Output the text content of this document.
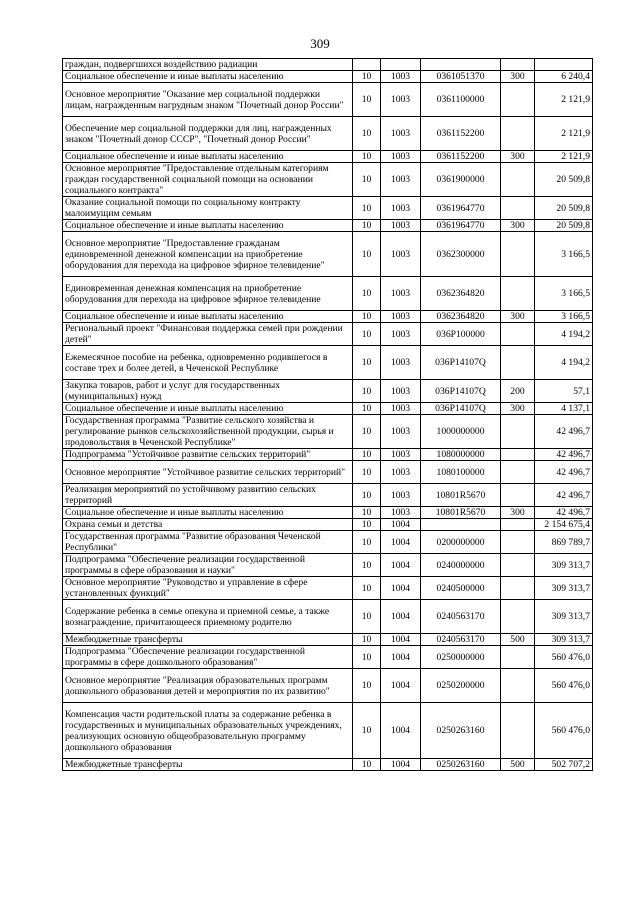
309
граждан, подвергшихся воздействию радиации					
Социальное обеспечение и иные выплаты населению	10	1003	0361051370	300	6 240,4
Основное мероприятие "Оказание мер социальной поддержки лицам, награжденным нагрудным знаком "Почетный донор России"	10	1003	0361100000		2 121,9
Обеспечение мер социальной поддержки для лиц, награжденных знаком "Почетный донор СССР", "Почетный донор России"	10	1003	0361152200		2 121,9
Социальное обеспечение и иные выплаты населению	10	1003	0361152200	300	2 121,9
Основное мероприятие "Предоставление отдельным категориям граждан государственной социальной помощи на основании социального контракта"	10	1003	0361900000		20 509,8
Оказание социальной помощи по социальному контракту малоимущим семьям	10	1003	0361964770		20 509,8
Социальное обеспечение и иные выплаты населению	10	1003	0361964770	300	20 509,8
Основное мероприятие "Предоставление гражданам единовременной денежной компенсации на приобретение оборудования для перехода на цифровое эфирное телевидение"	10	1003	0362300000		3 166,5
Единовременная денежная компенсация на приобретение оборудования для перехода на цифровое эфирное телевидение	10	1003	0362364820		3 166,5
Социальное обеспечение и иные выплаты населению	10	1003	0362364820	300	3 166,5
Региональный проект "Финансовая поддержка семей при рождении детей"	10	1003	036P100000		4 194,2
Ежемесячное пособие на ребенка, одновременно родившегося в составе трех и более детей, в Чеченской Республике	10	1003	036P14107Q		4 194,2
Закупка товаров, работ и услуг для государственных (муниципальных) нужд	10	1003	036P14107Q	200	57,1
Социальное обеспечение и иные выплаты населению	10	1003	036P14107Q	300	4 137,1
Государственная программа "Развитие сельского хозяйства и регулирование рынков сельскохозяйственной продукции, сырья и продовольствия в Чеченской Республике"	10	1003	1000000000		42 496,7
Подпрограмма "Устойчивое развитие сельских территорий"	10	1003	1080000000		42 496,7
Основное мероприятие "Устойчивое развитие сельских территорий"	10	1003	1080100000		42 496,7
Реализация мероприятий по устойчивому развитию сельских территорий	10	1003	10801R5670		42 496,7
Социальное обеспечение и иные выплаты населению	10	1003	10801R5670	300	42 496,7
Охрана семьи и детства	10	1004			2 154 675,4
Государственная программа "Развитие образования Чеченской Республики"	10	1004	0200000000		869 789,7
Подпрограмма "Обеспечение реализации государственной программы в сфере образования и науки"	10	1004	0240000000		309 313,7
Основное мероприятие "Руководство и управление в сфере установленных функций"	10	1004	0240500000		309 313,7
Содержание ребенка в семье опекуна и приемной семье, а также вознаграждение, причитающееся приемному родителю	10	1004	0240563170		309 313,7
Межбюджетные трансферты	10	1004	0240563170	500	309 313,7
Подпрограмма "Обеспечение реализации государственной программы в сфере дошкольного образования"	10	1004	0250000000		560 476,0
Основное мероприятие "Реализация образовательных программ дошкольного образования детей и мероприятия по их развитию"	10	1004	0250200000		560 476,0
Компенсация части родительской платы за содержание ребенка в государственных и муниципальных образовательных учреждениях, реализующих основную общеобразовательную программу дошкольного образования	10	1004	0250263160		560 476,0
Межбюджетные трансферты	10	1004	0250263160	500	502 707,2
